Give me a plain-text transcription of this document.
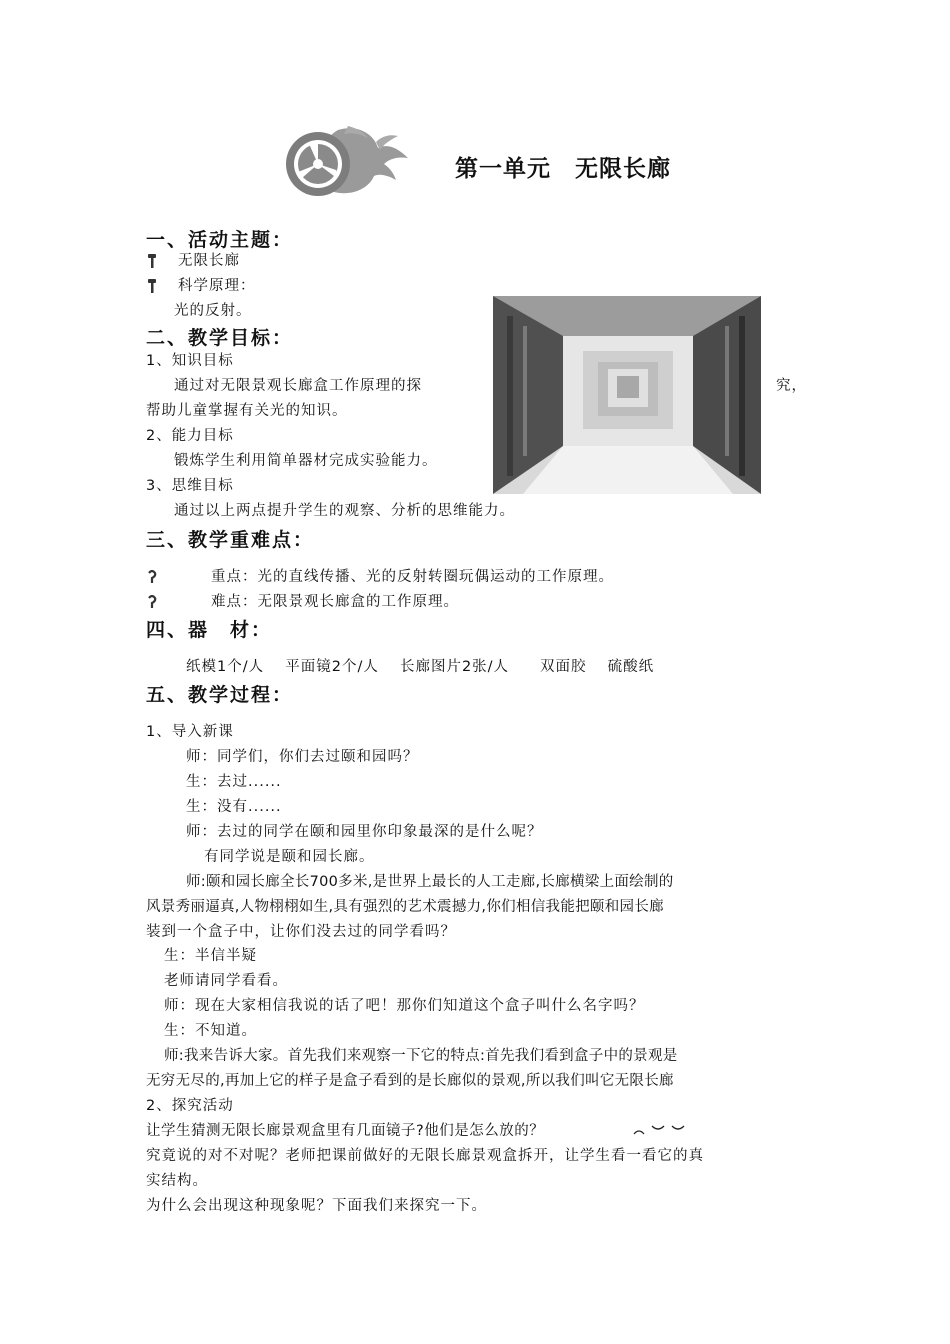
第一单元　无限长廊
一、活动主题：
无限长廊
科学原理：
光的反射。
二、教学目标：
1、知识目标
通过对无限景观长廊盒工作原理的探	究，
帮助儿童掌握有关光的知识。
2、能力目标
锻炼学生利用简单器材完成实验能力。
3、思维目标
通过以上两点提升学生的观察、分析的思维能力。
三、教学重难点：
重点：光的直线传播、光的反射转圈玩偶运动的工作原理。
难点：无限景观长廊盒的工作原理。
四、器　材：
纸模1个/人　 平面镜2个/人　 长廊图片2张/人　　双面胶　 硫酸纸
五、教学过程：
1、导入新课
师：同学们，你们去过颐和园吗？
生：去过......
生：没有......
师：去过的同学在颐和园里你印象最深的是什么呢？
有同学说是颐和园长廊。
师:颐和园长廊全长700多米,是世界上最长的人工走廊,长廊横梁上面绘制的
风景秀丽逼真,人物栩栩如生,具有强烈的艺术震撼力,你们相信我能把颐和园长廊
装到一个盒子中，让你们没去过的同学看吗？
生：半信半疑
老师请同学看看。
师：现在大家相信我说的话了吧！那你们知道这个盒子叫什么名字吗？
生：不知道。
师:我来告诉大家。首先我们来观察一下它的特点:首先我们看到盒子中的景观是
无穷无尽的,再加上它的样子是盒子看到的是长廊似的景观,所以我们叫它无限长廊
2、探究活动
让学生猜测无限长廊景观盒里有几面镜子?他们是怎么放的？
究竟说的对不对呢？老师把课前做好的无限长廊景观盒拆开，让学生看一看它的真
实结构。
为什么会出现这种现象呢？下面我们来探究一下。
